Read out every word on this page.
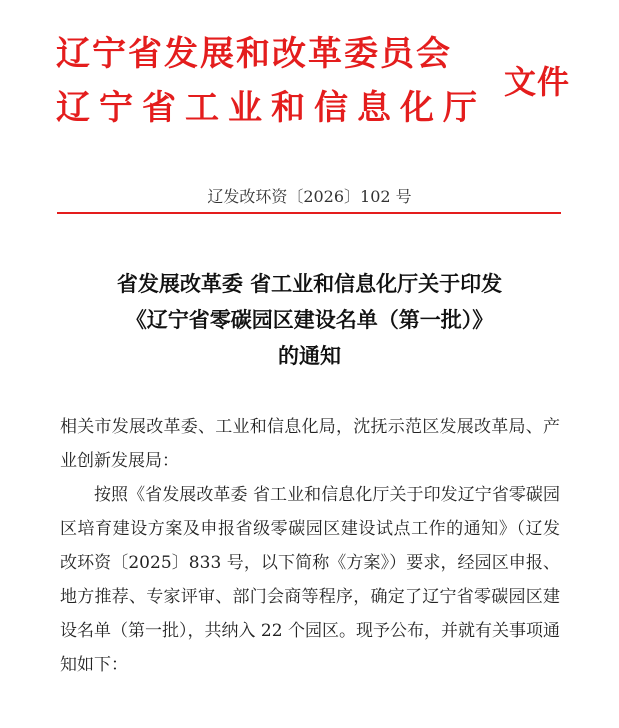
辽宁省发展和改革委员会
辽宁省工业和信息化厅
文件
辽发改环资〔2026〕102 号
省发展改革委 省工业和信息化厅关于印发
《辽宁省零碳园区建设名单（第一批）》
的通知

相关市发展改革委、工业和信息化局，沈抚示范区发展改革局、产业创新发展局：

按照《省发展改革委 省工业和信息化厅关于印发辽宁省零碳园区培育建设方案及申报省级零碳园区建设试点工作的通知》（辽发改环资〔2025〕833 号，以下简称《方案》）要求，经园区申报、地方推荐、专家评审、部门会商等程序，确定了辽宁省零碳园区建设名单（第一批），共纳入 22 个园区。现予公布，并就有关事项通知如下：
